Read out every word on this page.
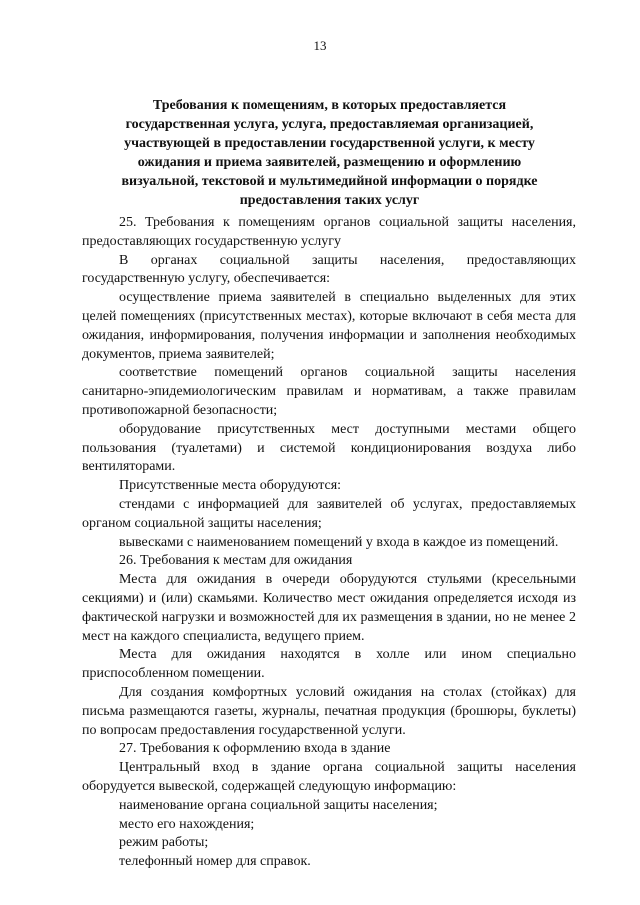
13
Требования к помещениям, в которых предоставляется
государственная услуга, услуга, предоставляемая организацией,
участвующей в предоставлении государственной услуги, к месту
ожидания и приема заявителей, размещению и оформлению
визуальной, текстовой и мультимедийной информации о порядке
предоставления таких услуг
25. Требования к помещениям органов социальной защиты населения, предоставляющих государственную услугу
В органах социальной защиты населения, предоставляющих государственную услугу, обеспечивается:
осуществление приема заявителей в специально выделенных для этих целей помещениях (присутственных местах), которые включают в себя места для ожидания, информирования, получения информации и заполнения необходимых документов, приема заявителей;
соответствие помещений органов социальной защиты населения санитарно-эпидемиологическим правилам и нормативам, а также правилам противопожарной безопасности;
оборудование присутственных мест доступными местами общего пользования (туалетами) и системой кондиционирования воздуха либо вентиляторами.
Присутственные места оборудуются:
стендами с информацией для заявителей об услугах, предоставляемых органом социальной защиты населения;
вывесками с наименованием помещений у входа в каждое из помещений.
26. Требования к местам для ожидания
Места для ожидания в очереди оборудуются стульями (кресельными секциями) и (или) скамьями. Количество мест ожидания определяется исходя из фактической нагрузки и возможностей для их размещения в здании, но не менее 2 мест на каждого специалиста, ведущего прием.
Места для ожидания находятся в холле или ином специально приспособленном помещении.
Для создания комфортных условий ожидания на столах (стойках) для письма размещаются газеты, журналы, печатная продукция (брошюры, буклеты) по вопросам предоставления государственной услуги.
27. Требования к оформлению входа в здание
Центральный вход в здание органа социальной защиты населения оборудуется вывеской, содержащей следующую информацию:
наименование органа социальной защиты населения;
место его нахождения;
режим работы;
телефонный номер для справок.
